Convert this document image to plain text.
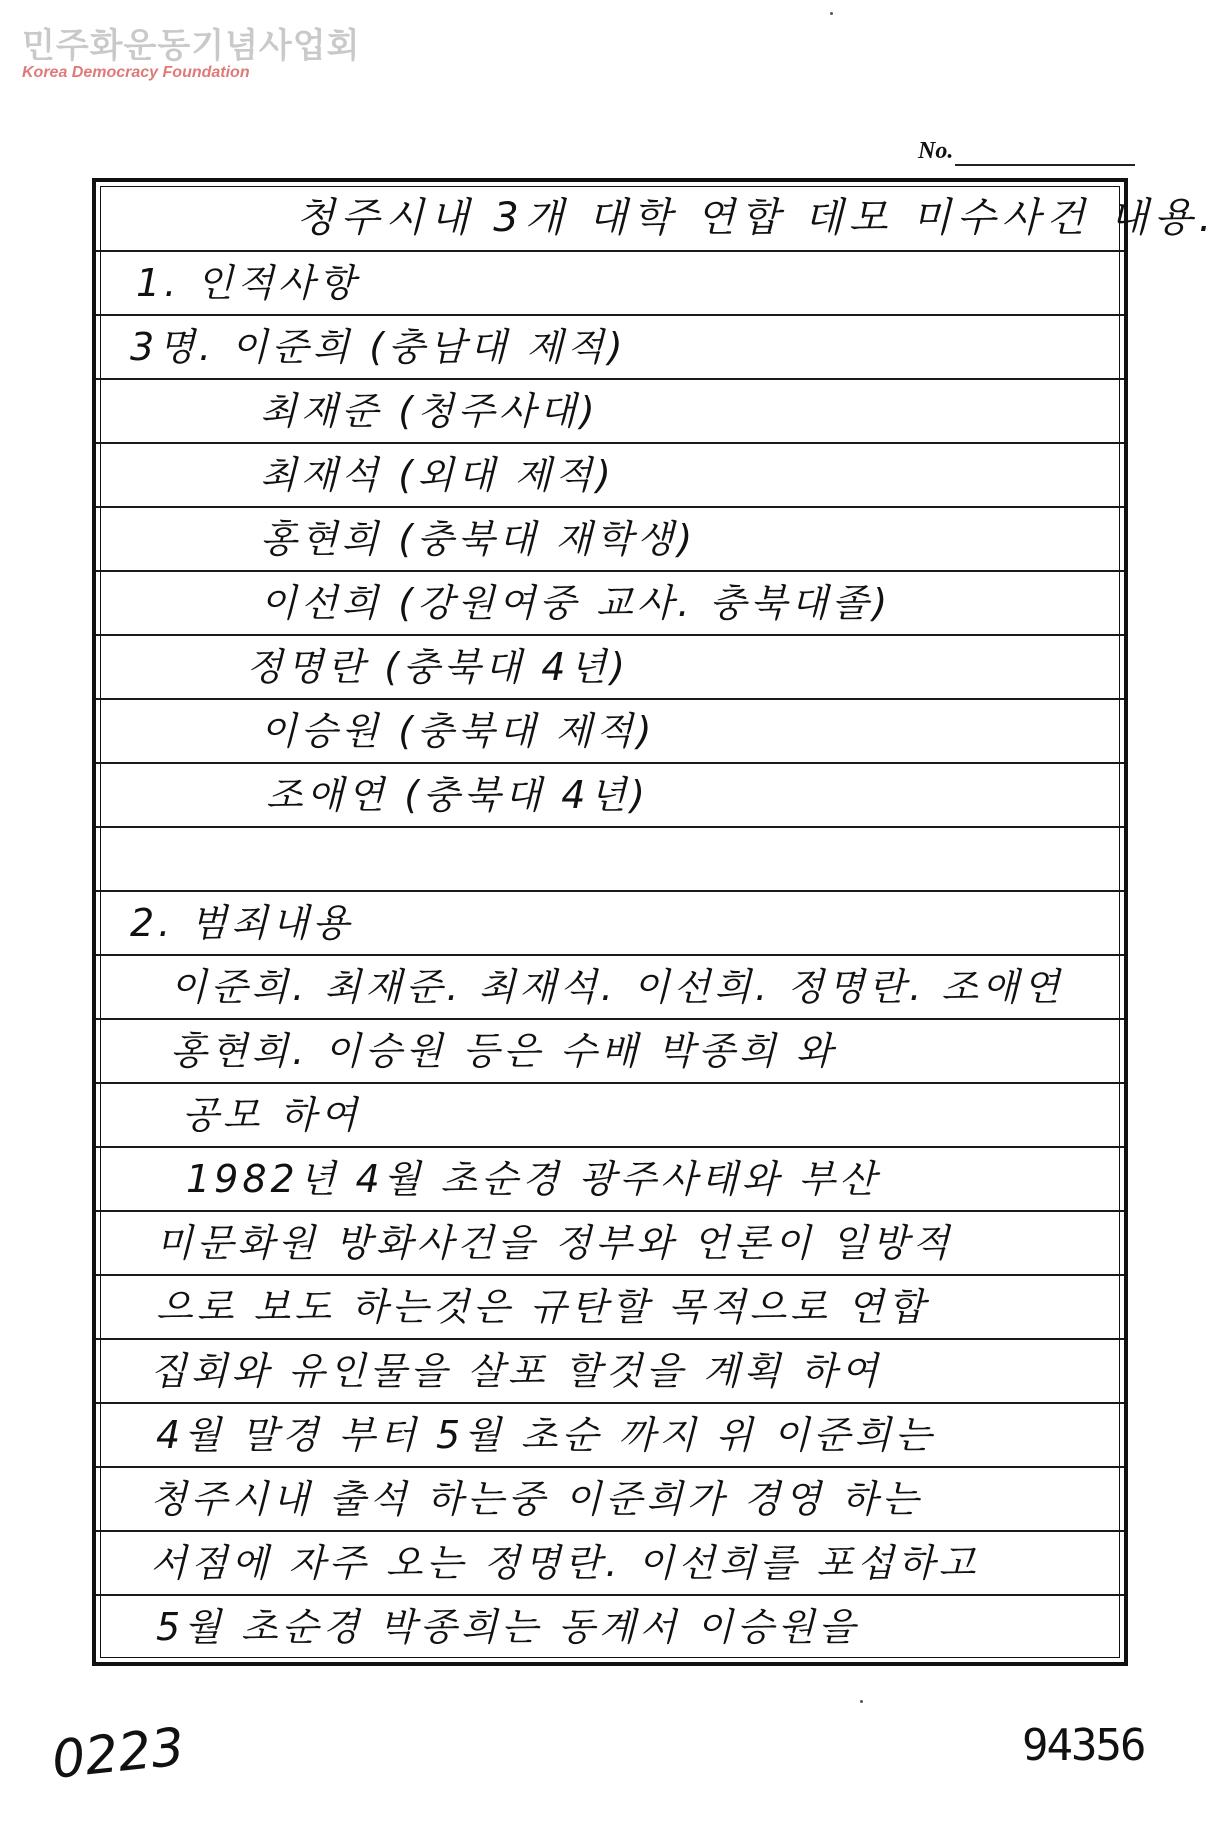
민주화운동기념사업회
Korea Democracy Foundation
No.
청주시내 3개 대학 연합 데모 미수사건 내용.
1. 인적사항
3명. 이준희 (충남대 제적)
최재준 (청주사대)
최재석 (외대 제적)
홍현희 (충북대 재학생)
이선희 (강원여중 교사. 충북대졸)
정명란 (충북대 4년)
이승원 (충북대 제적)
조애연 (충북대 4년)
2. 범죄내용
이준희. 최재준. 최재석. 이선희. 정명란. 조애연
홍현희. 이승원 등은 수배 박종희 와
공모 하여
1982년 4월 초순경 광주사태와 부산
미문화원 방화사건을 정부와 언론이 일방적
으로 보도 하는것은 규탄할 목적으로 연합
집회와 유인물을 살포 할것을 계획 하여
4월 말경 부터 5월 초순 까지 위 이준희는
청주시내 출석 하는중 이준희가 경영 하는
서점에 자주 오는 정명란. 이선희를 포섭하고
5월 초순경 박종희는 동계서 이승원을
0223	94356
